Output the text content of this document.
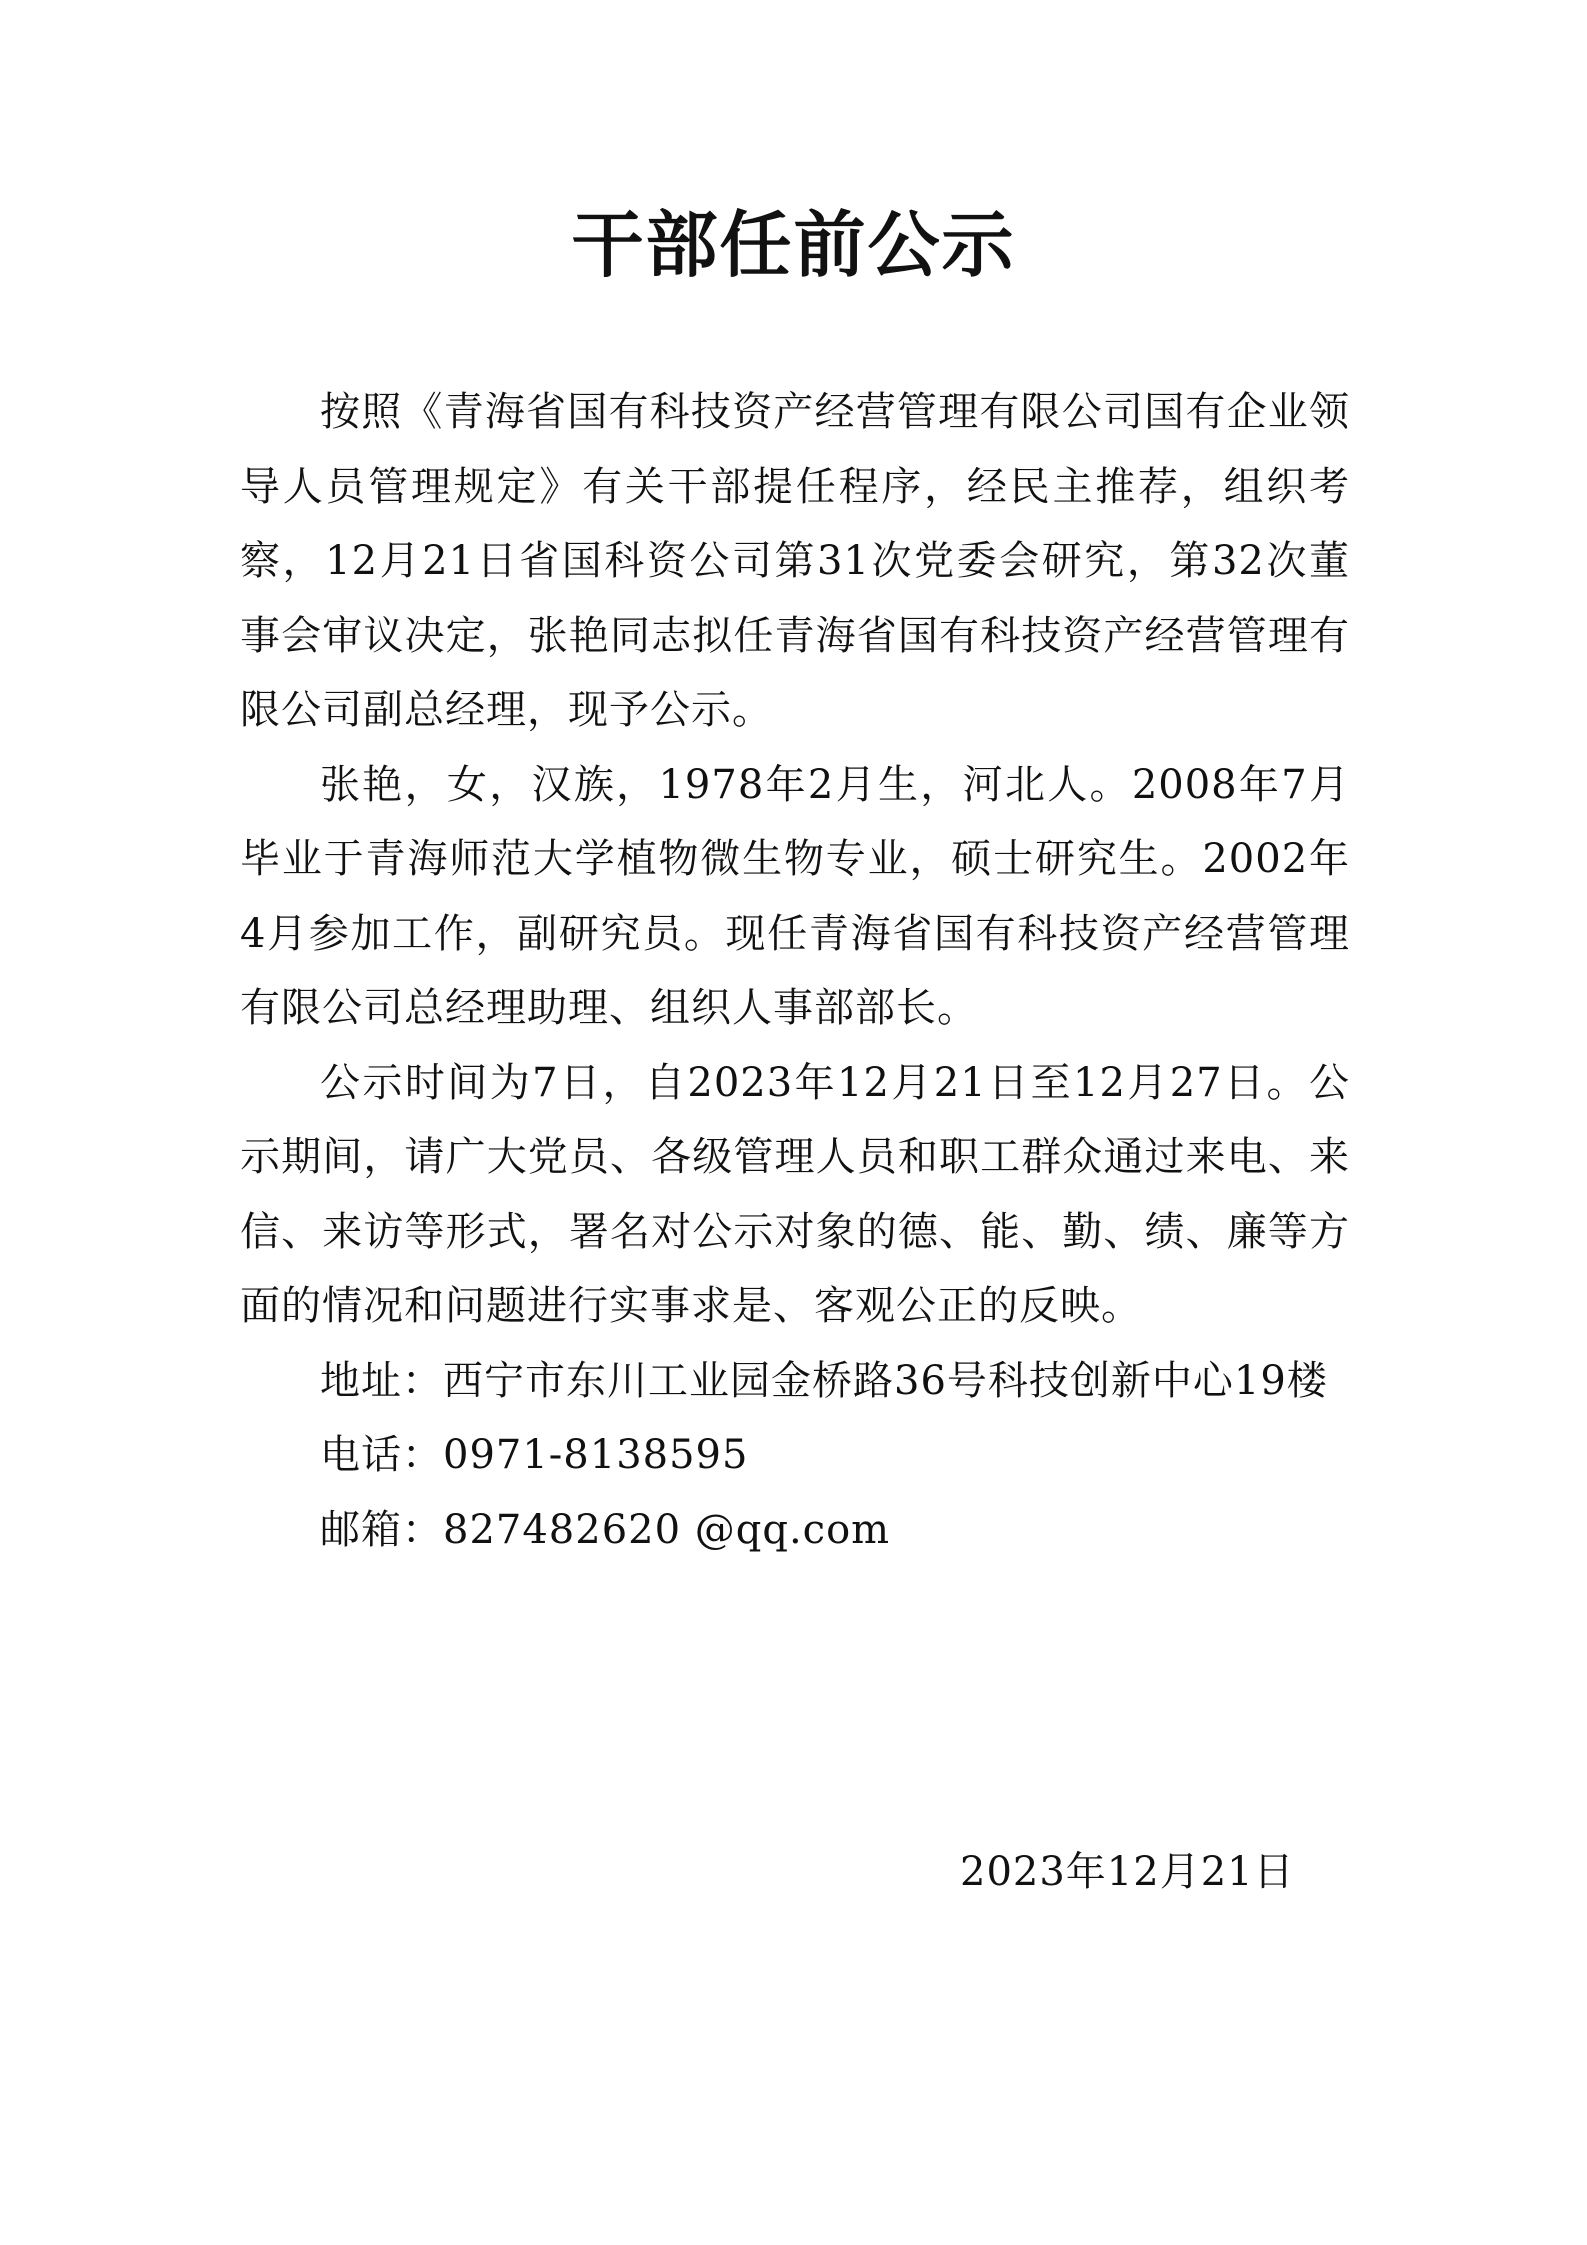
干部任前公示

按照《青海省国有科技资产经营管理有限公司国有企业领导人员管理规定》有关干部提任程序，经民主推荐，组织考察，12月21日省国科资公司第31次党委会研究，第32次董事会审议决定，张艳同志拟任青海省国有科技资产经营管理有限公司副总经理，现予公示。

张艳，女，汉族，1978年2月生，河北人。2008年7月毕业于青海师范大学植物微生物专业，硕士研究生。2002年4月参加工作，副研究员。现任青海省国有科技资产经营管理有限公司总经理助理、组织人事部部长。

公示时间为7日，自2023年12月21日至12月27日。公示期间，请广大党员、各级管理人员和职工群众通过来电、来信、来访等形式，署名对公示对象的德、能、勤、绩、廉等方面的情况和问题进行实事求是、客观公正的反映。

地址：西宁市东川工业园金桥路36号科技创新中心19楼

电话：0971-8138595

邮箱：827482620 @qq.com

2023年12月21日
